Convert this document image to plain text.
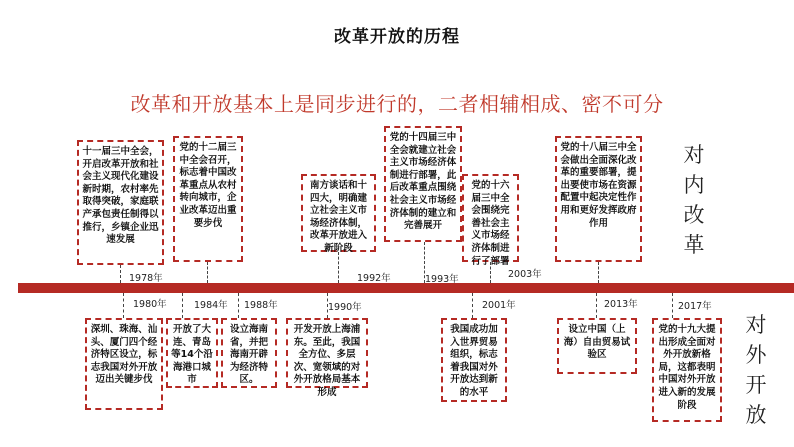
改革开放的历程
改革和开放基本上是同步进行的，二者相辅相成、密不可分
对
内
改
革
对
外
开
放
1978年
1980年	1984年 1988年	1990年
1992年	1993年
2001年
2003年
2013年	2017年
十一届三中全会，开启改革开放和社会主义现代化建设新时期，农村率先取得突破，家庭联产承包责任制得以推行，乡镇企业迅速发展
党的十二届三中全会召开，标志着中国改革重点从农村转向城市，企业改革迈出重要步伐
南方谈话和十四大，明确建立社会主义市场经济体制，改革开放进入新阶段
党的十四届三中全会就建立社会主义市场经济体制进行部署，此后改革重点围绕社会主义市场经济体制的建立和完善展开
党的十六届三中全会围绕完善社会主义市场经济体制进行了部署
党的十八届三中全会做出全面深化改革的重要部署，提出要使市场在资源配置中起决定性作用和更好发挥政府作用
深圳、珠海、汕头、厦门四个经济特区设立，标志我国对外开放迈出关键步伐
开放了大连、青岛等14个沿海港口城市
设立海南省，并把海南开辟为经济特区。
开发开放上海浦东。至此，我国全方位、多层次、宽领域的对外开放格局基本形成
我国成功加入世界贸易组织，标志着我国对外开放达到新的水平
设立中国（上海）自由贸易试验区
党的十九大提出形成全面对外开放新格局，这都表明中国对外开放进入新的发展阶段
